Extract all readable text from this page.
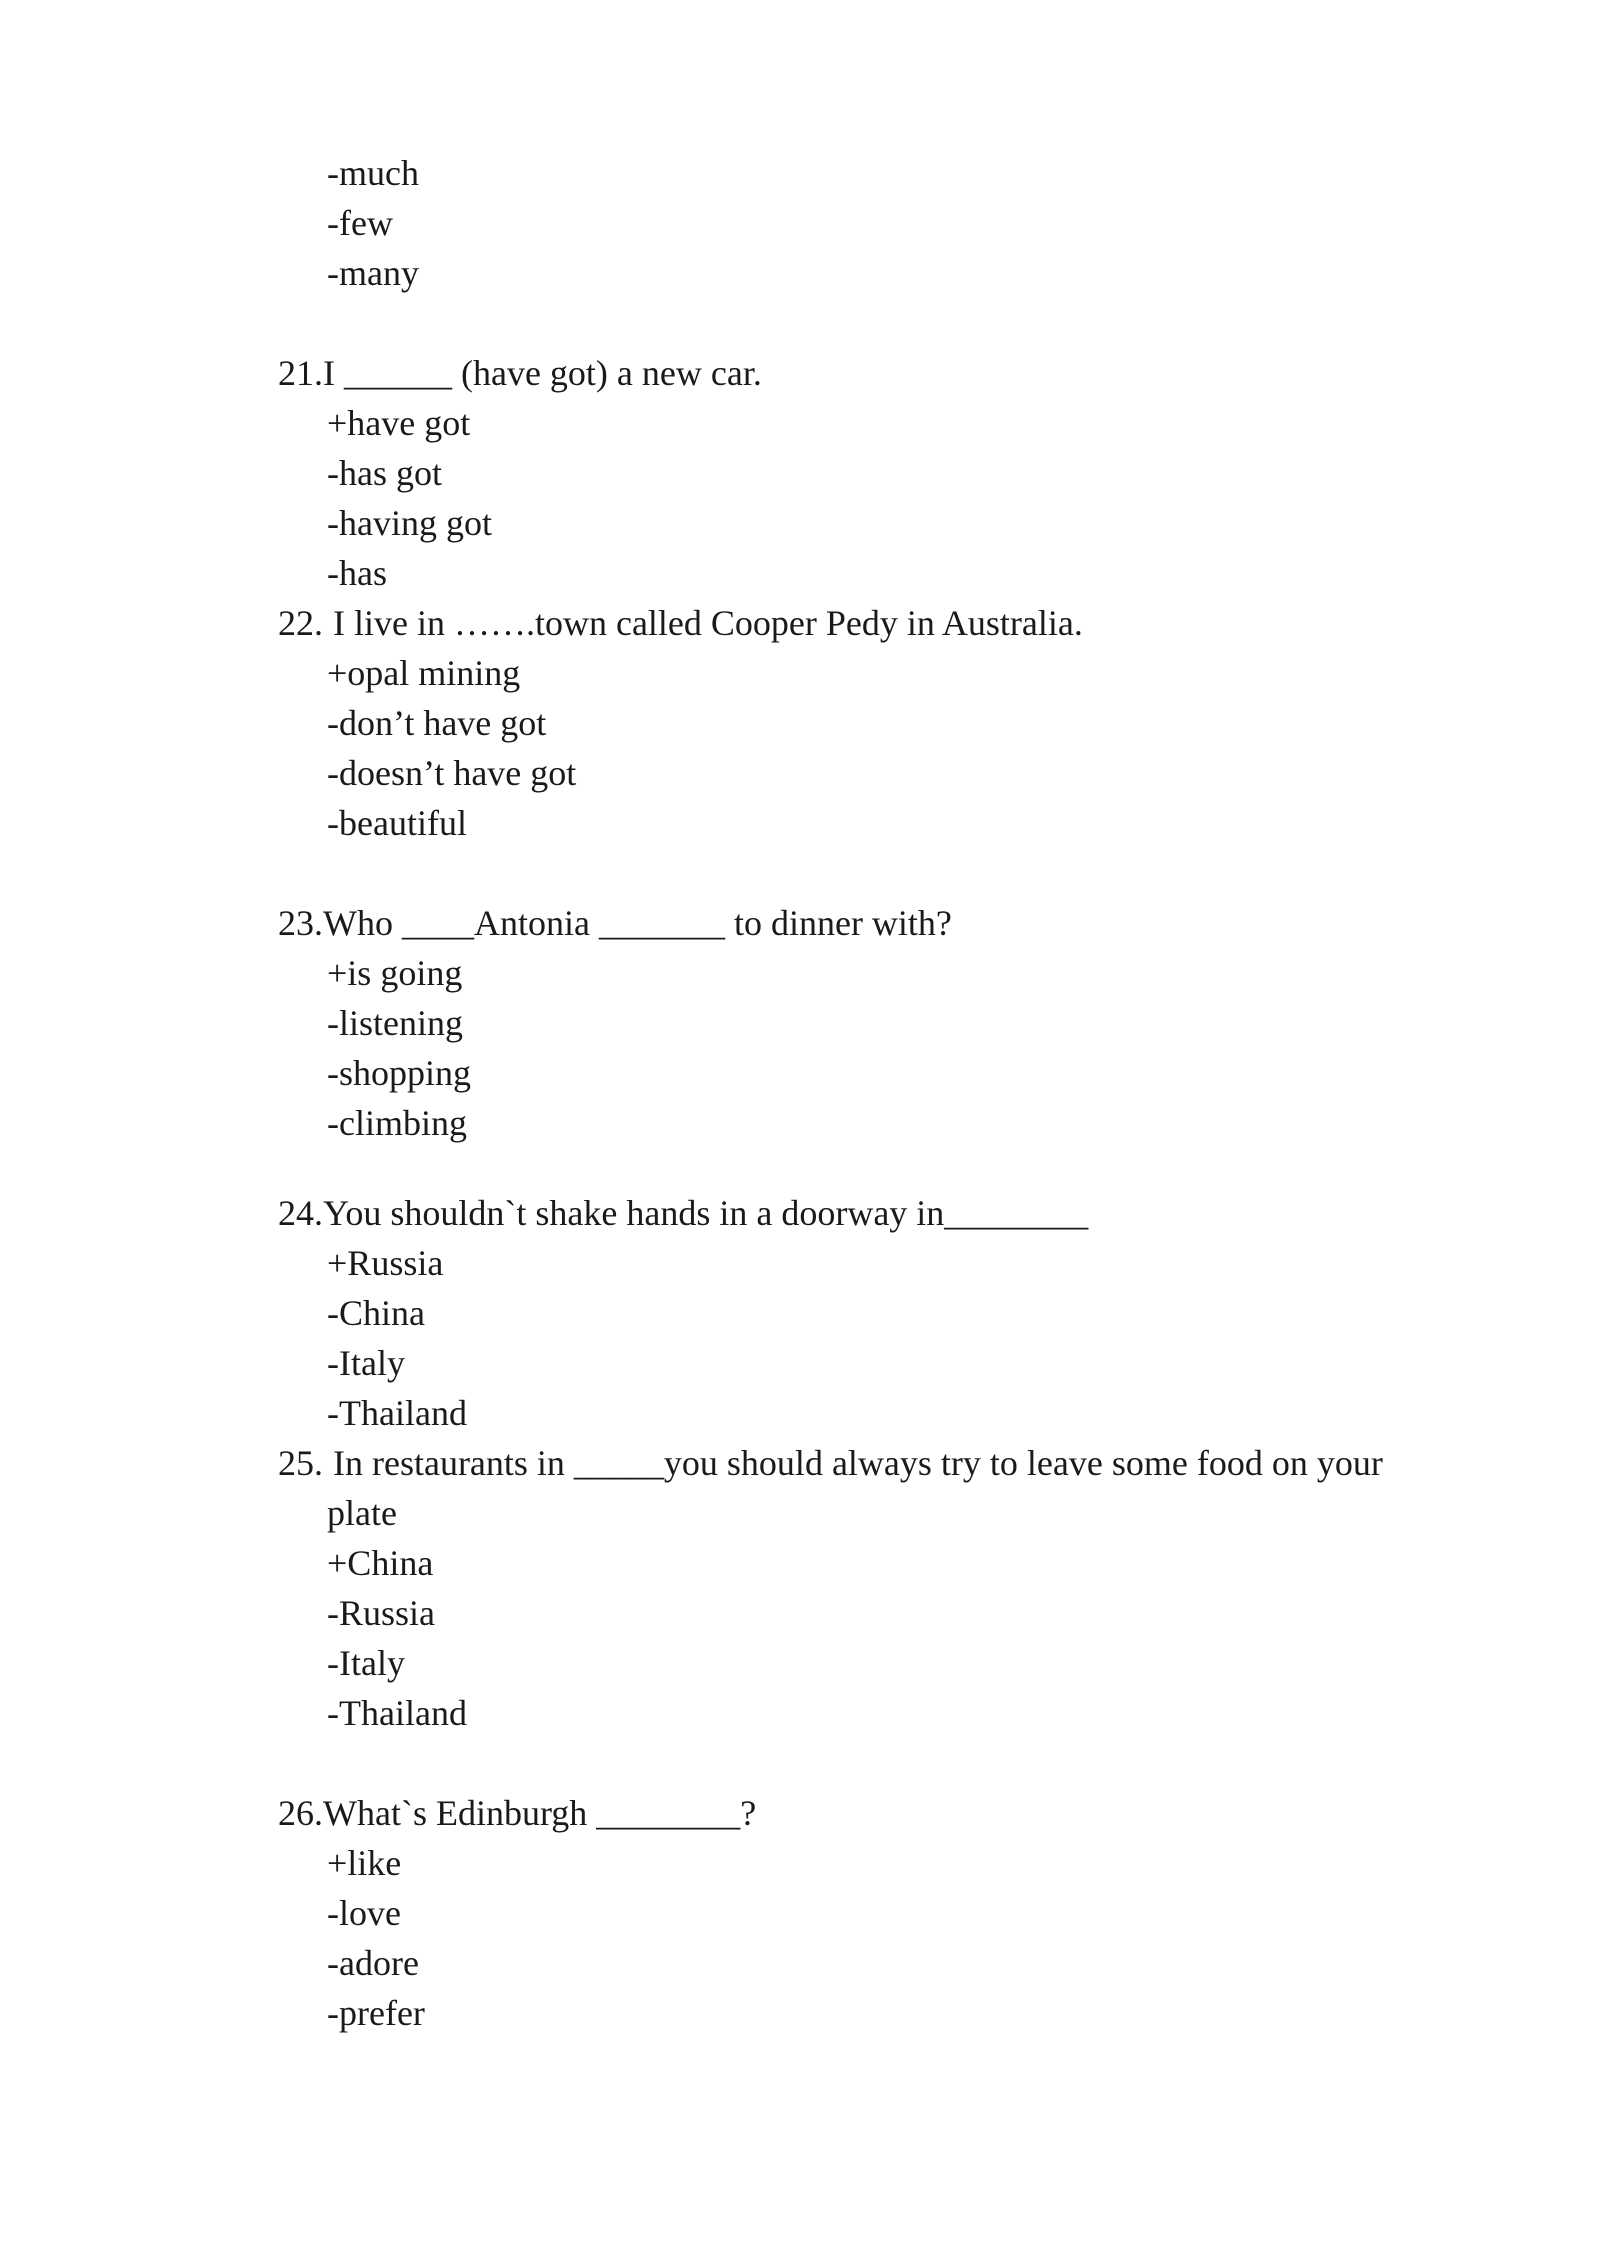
-much
-few
-many
21. I ______ (have got) a new car.
+have got
-has got
-having got
-has
22. I live in …….town called Cooper Pedy in Australia.
+opal mining
-don’t have got
-doesn’t have got
-beautiful
23. Who ____Antonia _______ to dinner with?
+is going
-listening
-shopping
-climbing
24. You shouldn`t shake hands in a doorway in________
+Russia
-China
-Italy
-Thailand
25. In restaurants in _____you should always try to leave some food on your
plate
+China
-Russia
-Italy
-Thailand
26. What`s Edinburgh ________?
+like
-love
-adore
-prefer
